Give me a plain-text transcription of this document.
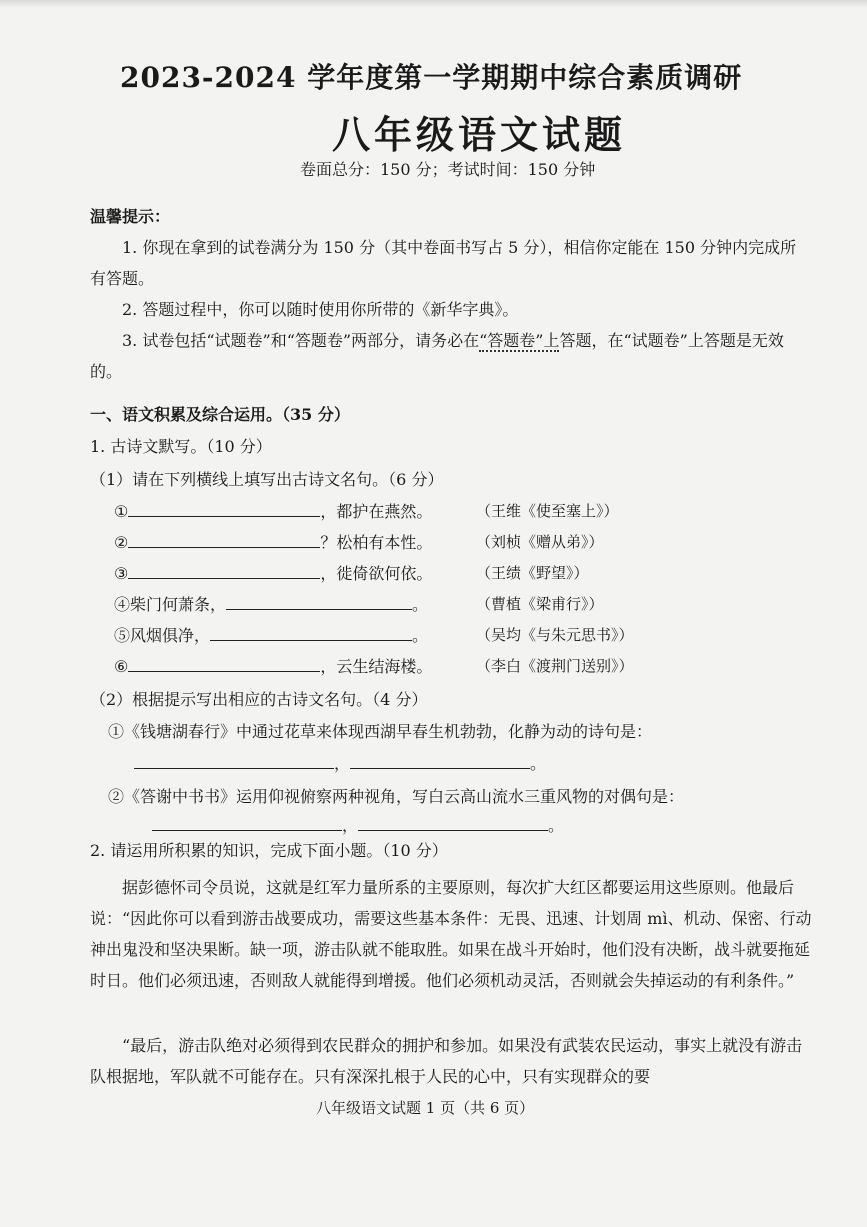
2023-2024 学年度第一学期期中综合素质调研
八年级语文试题
卷面总分：150 分；考试时间：150 分钟
温馨提示：
1. 你现在拿到的试卷满分为 150 分（其中卷面书写占 5 分），相信你定能在 150 分钟内完成所有答题。
2. 答题过程中，你可以随时使用你所带的《新华字典》。
3. 试卷包括“试题卷”和“答题卷”两部分，请务必在“答题卷”上答题，在“试题卷”上答题是无效的。
一、语文积累及综合运用。（35 分）
1. 古诗文默写。（10 分）
（1）请在下列横线上填写出古诗文名句。（6 分）
①	，都护在燕然。	（王维《使至塞上》）
②	？松柏有本性。	（刘桢《赠从弟》）
③	，徙倚欲何依。	（王绩《野望》）
④柴门何萧条，	。	（曹植《梁甫行》）
⑤风烟俱净，	。	（吴均《与朱元思书》）
⑥	，云生结海楼。	（李白《渡荆门送别》）
（2）根据提示写出相应的古诗文名句。（4 分）
①《钱塘湖春行》中通过花草来体现西湖早春生机勃勃，化静为动的诗句是：
，	。
②《答谢中书书》运用仰视俯察两种视角，写白云高山流水三重风物的对偶句是：
，	。
2. 请运用所积累的知识，完成下面小题。（10 分）
据彭德怀司令员说，这就是红军力量所系的主要原则，每次扩大红区都要运用这些原则。他最后说：“因此你可以看到游击战要成功，需要这些基本条件：无畏、迅速、计划周 mì、机动、保密、行动神出鬼没和坚决果断。缺一项，游击队就不能取胜。如果在战斗开始时，他们没有决断，战斗就要拖延时日。他们必须迅速，否则敌人就能得到增援。他们必须机动灵活，否则就会失掉运动的有利条件。”
“最后，游击队绝对必须得到农民群众的拥护和参加。如果没有武装农民运动，事实上就没有游击队根据地，军队就不可能存在。只有深深扎根于人民的心中，只有实现群众的要
八年级语文试题 1 页（共 6 页）
